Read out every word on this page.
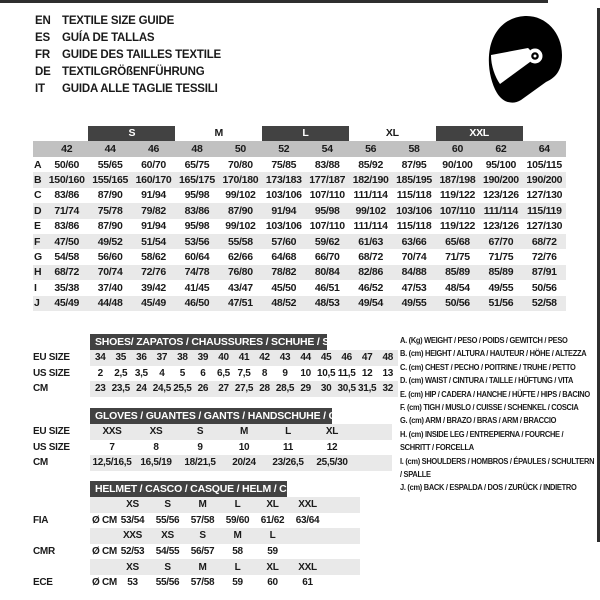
EN TEXTILE SIZE GUIDE
ES	GUÍA DE TALLAS
FR	GUIDE DES TAILLES TEXTILE
DE TEXTILGRÖßENFÜHRUNG
IT	GUIDA ALLE TAGLIE TESSILI
S	M	L	XL	XXL
42	44	46	48	50	52	54	56	58	60	62	64
A	50/60	55/65	60/70	65/75	70/80	75/85	83/88	85/92	87/95	90/100	95/100	105/115
B 150/160 155/165 160/170 165/175 170/180 173/183 177/187 182/190 185/195 187/198 190/200 190/200
C	83/86	87/90	91/94	95/98	99/102 103/106 107/110 111/114 115/118 119/122 123/126 127/130
D	71/74	75/78	79/82	83/86	87/90	91/94	95/98	99/102 103/106 107/110 111/114 115/119
E	83/86	87/90	91/94	95/98	99/102 103/106 107/110 111/114 115/118 119/122 123/126 127/130
F	47/50	49/52	51/54	53/56	55/58	57/60	59/62	61/63	63/66	65/68	67/70	68/72
G	54/58	56/60	58/62	60/64	62/66	64/68	66/70	68/72	70/74	71/75	71/75	72/76
H	68/72	70/74	72/76	74/78	76/80	78/82	80/84	82/86	84/88	85/89	85/89	87/91
I	35/38	37/40	39/42	41/45	43/47	45/50	46/51	46/52	47/53	48/54	49/55	50/56
J	45/49	44/48	45/49	46/50	47/51	48/52	48/53	49/54	49/55	50/56	51/56	52/58
SHOES/ ZAPATOS / CHAUSSURES / SCHUHE / SCARPE
EU SIZE	34	35	36	37	38	39	40	41	42	43	44	45	46	47	48
US SIZE	2	2,5 3,5	4	5	6	6,5 7,5	8	9	10 10,5 11,5 12	13
CM	23 23,5 24 24,5 25,5 26	27 27,5 28 28,5 29	30 30,5 31,5 32
GLOVES / GUANTES / GANTS / HANDSCHUHE / GUANTI
EU SIZE	XXS	XS	S	M	L	XL
US SIZE	7	8	9	10	11	12
CM	12,5/16,5 16,5/19	18/21,5	20/24	23/26,5	25,5/30
HELMET / CASCO / CASQUE / HELM / CASCO
XS	S	M	L	XL	XXL
FIA	Ø CM 53/54	55/56	57/58	59/60	61/62	63/64
XXS	XS	S	M	L
CMR	Ø CM 52/53	54/55	56/57	58	59
XS	S	M	L	XL	XXL
ECE	Ø CM	53	55/56	57/58	59	60	61
A. (Kg) WEIGHT / PESO / POIDS / GEWITCH / PESO
B. (cm) HEIGHT / ALTURA / HAUTEUR / HÖHE / ALTEZZA
C. (cm) CHEST / PECHO / POITRINE / TRUHE / PETTO
D. (cm) WAIST / CINTURA / TAILLE / HÜFTUNG / VITA
E. (cm) HIP / CADERA / HANCHE / HÜFTE / HIPS / BACINO
F. (cm) TIGH / MUSLO / CUISSE / SCHENKEL / COSCIA
G. (cm) ARM / BRAZO / BRAS / ARM / BRACCIO
H. (cm) INSIDE LEG / ENTREPIERNA / FOURCHE / SCHRITT / FORCELLA
I. (cm) SHOULDERS / HOMBROS / ÉPAULES / SCHULTERN / SPALLE
J. (cm) BACK / ESPALDA / DOS / ZURÜCK / INDIETRO
